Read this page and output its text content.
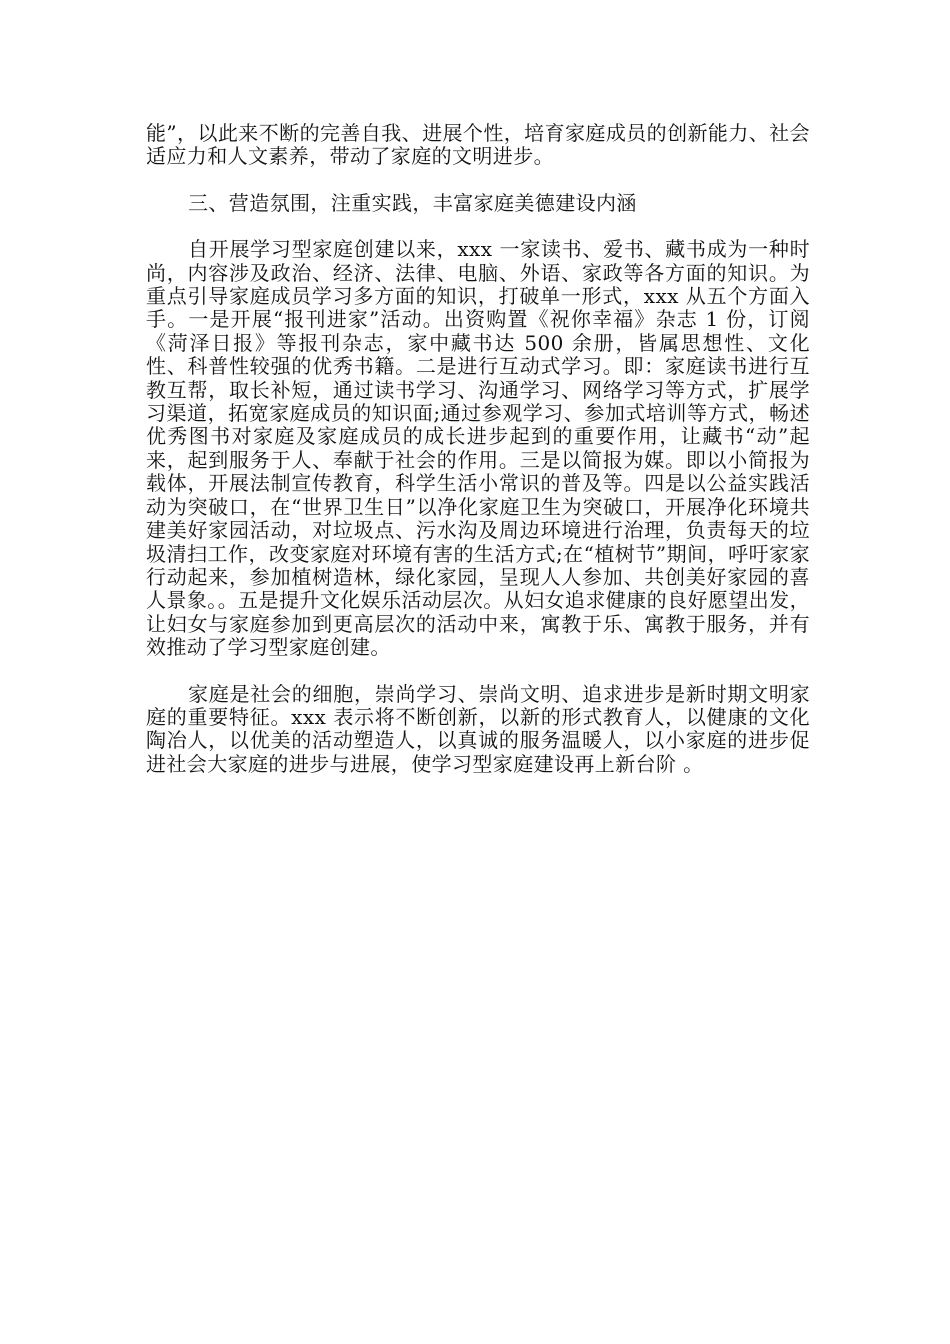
能”，以此来不断的完善自我、进展个性，培育家庭成员的创新能力、社会适应力和人文素养，带动了家庭的文明进步。

三、营造氛围，注重实践，丰富家庭美德建设内涵

自开展学习型家庭创建以来，xxx 一家读书、爱书、藏书成为一种时尚，内容涉及政治、经济、法律、电脑、外语、家政等各方面的知识。为重点引导家庭成员学习多方面的知识，打破单一形式，xxx 从五个方面入手。一是开展“报刊进家”活动。出资购置《祝你幸福》杂志 1 份，订阅《菏泽日报》等报刊杂志，家中藏书达 500 余册，皆属思想性、文化性、科普性较强的优秀书籍。二是进行互动式学习。即：家庭读书进行互教互帮，取长补短，通过读书学习、沟通学习、网络学习等方式，扩展学习渠道，拓宽家庭成员的知识面;通过参观学习、参加式培训等方式，畅述优秀图书对家庭及家庭成员的成长进步起到的重要作用，让藏书“动”起来，起到服务于人、奉献于社会的作用。三是以简报为媒。即以小简报为载体，开展法制宣传教育，科学生活小常识的普及等。四是以公益实践活动为突破口，在“世界卫生日”以净化家庭卫生为突破口，开展净化环境共建美好家园活动，对垃圾点、污水沟及周边环境进行治理，负责每天的垃圾清扫工作，改变家庭对环境有害的生活方式;在“植树节”期间，呼吁家家行动起来，参加植树造林，绿化家园，呈现人人参加、共创美好家园的喜人景象。。五是提升文化娱乐活动层次。从妇女追求健康的良好愿望出发，让妇女与家庭参加到更高层次的活动中来，寓教于乐、寓教于服务，并有效推动了学习型家庭创建。

家庭是社会的细胞，崇尚学习、崇尚文明、追求进步是新时期文明家庭的重要特征。xxx 表示将不断创新，以新的形式教育人，以健康的文化陶冶人，以优美的活动塑造人，以真诚的服务温暖人，以小家庭的进步促进社会大家庭的进步与进展，使学习型家庭建设再上新台阶 。
